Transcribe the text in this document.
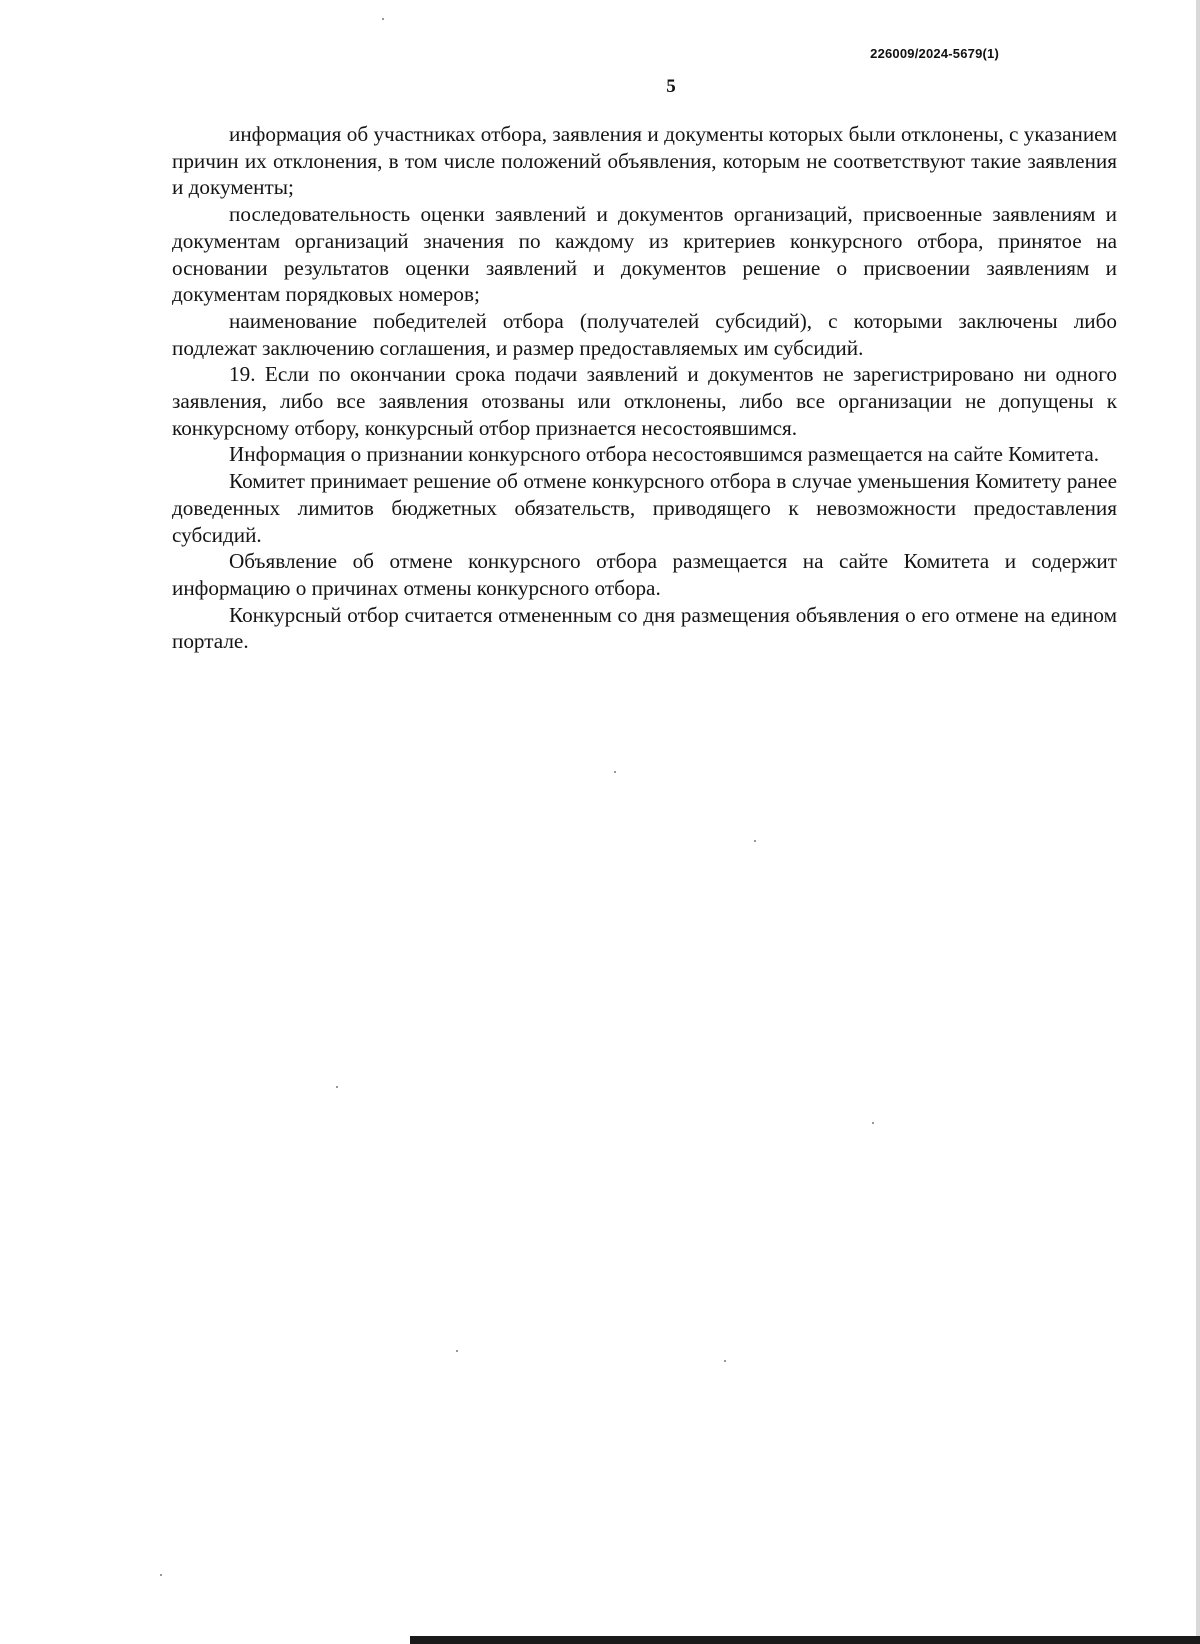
226009/2024-5679(1)
5

информация об участниках отбора, заявления и документы которых были отклонены, с указанием причин их отклонения, в том числе положений объявления, которым не соответствуют такие заявления и документы;

последовательность оценки заявлений и документов организаций, присвоенные заявлениям и документам организаций значения по каждому из критериев конкурсного отбора, принятое на основании результатов оценки заявлений и документов решение о присвоении заявлениям и документам порядковых номеров;

наименование победителей отбора (получателей субсидий), с которыми заключены либо подлежат заключению соглашения, и размер предоставляемых им субсидий.

19. Если по окончании срока подачи заявлений и документов не зарегистрировано ни одного заявления, либо все заявления отозваны или отклонены, либо все организации не допущены к конкурсному отбору, конкурсный отбор признается несостоявшимся.

Информация о признании конкурсного отбора несостоявшимся размещается на сайте Комитета.

Комитет принимает решение об отмене конкурсного отбора в случае уменьшения Комитету ранее доведенных лимитов бюджетных обязательств, приводящего к невозможности предоставления субсидий.

Объявление об отмене конкурсного отбора размещается на сайте Комитета и содержит информацию о причинах отмены конкурсного отбора.

Конкурсный отбор считается отмененным со дня размещения объявления о его отмене на едином портале.
